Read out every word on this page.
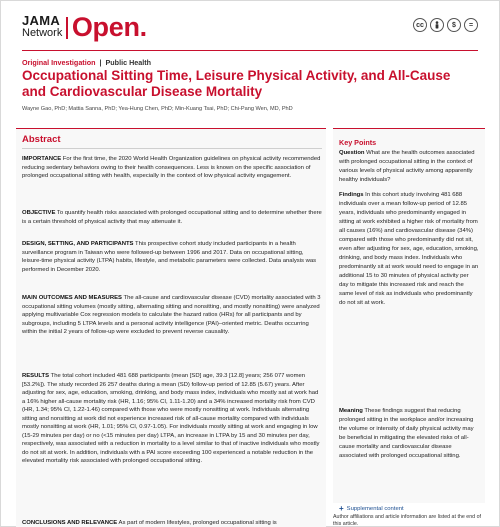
JAMA
Network Open.	cc	$	=
Original Investigation | Public Health
Occupational Sitting Time, Leisure Physical Activity, and All-Cause and Cardiovascular Disease Mortality
Wayne Gao, PhD; Mattia Sanna, PhD; Yea-Hung Chen, PhD; Min-Kuang Tsai, PhD; Chi-Pang Wen, MD, PhD
Abstract

IMPORTANCE For the first time, the 2020 World Health Organization guidelines on physical activity recommended reducing sedentary behaviors owing to their health consequences. Less is known on the specific association of prolonged occupational sitting with health, especially in the context of low physical activity engagement.

OBJECTIVE To quantify health risks associated with prolonged occupational sitting and to determine whether there is a certain threshold of physical activity that may attenuate it.

DESIGN, SETTING, AND PARTICIPANTS This prospective cohort study included participants in a health surveillance program in Taiwan who were followed-up between 1996 and 2017. Data on occupational sitting, leisure-time physical activity (LTPA) habits, lifestyle, and metabolic parameters were collected. Data analysis was performed in December 2020.

MAIN OUTCOMES AND MEASURES The all-cause and cardiovascular disease (CVD) mortality associated with 3 occupational sitting volumes (mostly sitting, alternating sitting and nonsitting, and mostly nonsitting) were analyzed applying multivariable Cox regression models to calculate the hazard ratios (HRs) for all participants and by subgroups, including 5 LTPA levels and a personal activity intelligence (PAI)–oriented metric. Deaths occurring within the initial 2 years of follow-up were excluded to prevent reverse causality.

RESULTS The total cohort included 481 688 participants (mean [SD] age, 39.3 [12.8] years; 256 077 women [53.2%]). The study recorded 26 257 deaths during a mean (SD) follow-up period of 12.85 (5.67) years. After adjusting for sex, age, education, smoking, drinking, and body mass index, individuals who mostly sat at work had a 16% higher all-cause mortality risk (HR, 1.16; 95% CI, 1.11-1.20) and a 34% increased mortality risk from CVD (HR, 1.34; 95% CI, 1.22-1.46) compared with those who were mostly nonsitting at work. Individuals alternating sitting and nonsitting at work did not experience increased risk of all-cause mortality compared with individuals mostly nonsitting at work (HR, 1.01; 95% CI, 0.97-1.05). For individuals mostly sitting at work and engaging in low (15-29 minutes per day) or no (<15 minutes per day) LTPA, an increase in LTPA by 15 and 30 minutes per day, respectively, was associated with a reduction in mortality to a level similar to that of inactive individuals who mostly do not sit at work. In addition, individuals with a PAI score exceeding 100 experienced a notable reduction in the elevated mortality risk associated with prolonged occupational sitting.

CONCLUSIONS AND RELEVANCE As part of modern lifestyles, prolonged occupational sitting is

Key Points

Question What are the health outcomes associated with prolonged occupational sitting in the context of various levels of physical activity among apparently healthy individuals?

Findings In this cohort study involving 481 688 individuals over a mean follow-up period of 12.85 years, individuals who predominantly engaged in sitting at work exhibited a higher risk of mortality from all causes (16%) and cardiovascular disease (34%) compared with those who predominantly did not sit, even after adjusting for sex, age, education, smoking, drinking, and body mass index. Individuals who predominantly sit at work would need to engage in an additional 15 to 30 minutes of physical activity per day to mitigate this increased risk and reach the same level of risk as individuals who predominantly do not sit at work.

Meaning These findings suggest that reducing prolonged sitting in the workplace and/or increasing the volume or intensity of daily physical activity may be beneficial in mitigating the elevated risks of all-cause mortality and cardiovascular disease associated with prolonged occupational sitting.

+ Supplemental content
Author affiliations and article information are listed at the end of this article.
